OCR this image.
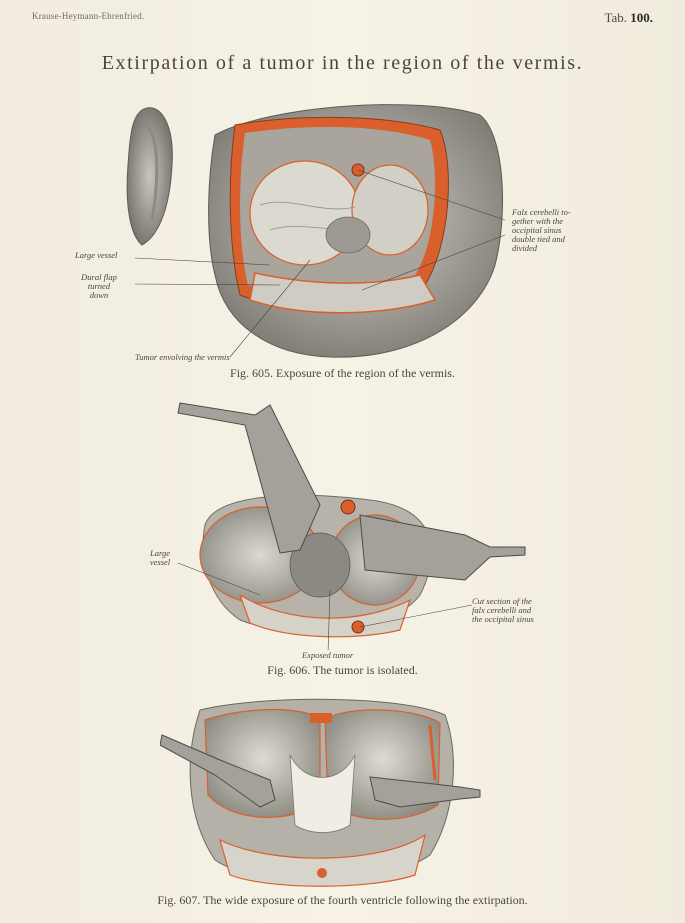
Krause-Heymann-Ehrenfried.	Tab. 100.
Extirpation of a tumor in the region of the vermis.
Falx cerebelli to-
gether with the
occipital sinus
double tied and
divided
Large vessel
Dural flap
turned
down
Tumor envolving the vermis
Fig. 605. Exposure of the region of the vermis.
Large
vessel
Cut section of the
falx cerebelli and
the occipital sinus
Exposed tumor
Fig. 606. The tumor is isolated.
Fig. 607. The wide exposure of the fourth ventricle following the extirpation.
